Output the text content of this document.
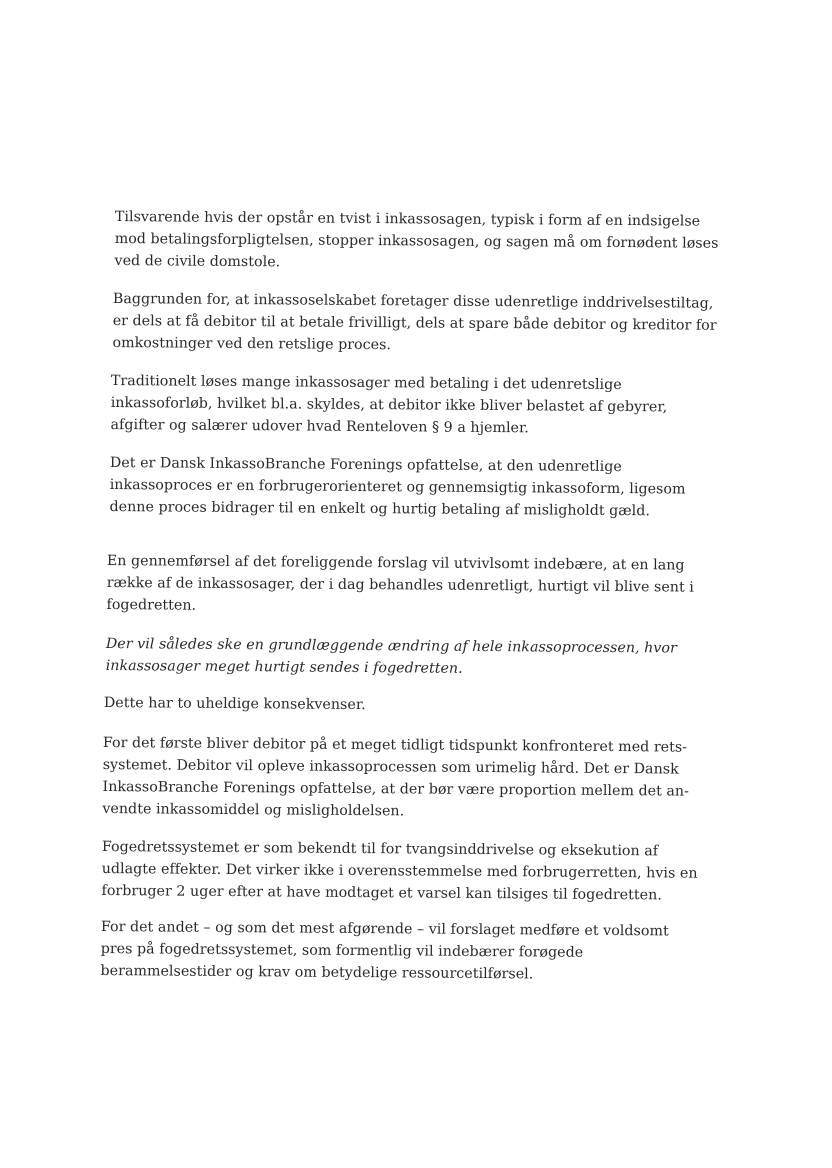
Tilsvarende hvis der opstår en tvist i inkassosagen, typisk i form af en indsigelse
mod betalingsforpligtelsen, stopper inkassosagen, og sagen må om fornødent løses
ved de civile domstole.
Baggrunden for, at inkassoselskabet foretager disse udenretlige inddrivelsestiltag,
er dels at få debitor til at betale frivilligt, dels at spare både debitor og kreditor for
omkostninger ved den retslige proces.
Traditionelt løses mange inkassosager med betaling i det udenretslige
inkassoforløb, hvilket bl.a. skyldes, at debitor ikke bliver belastet af gebyrer,
afgifter og salærer udover hvad Renteloven § 9 a hjemler.
Det er Dansk InkassoBranche Forenings opfattelse, at den udenretlige
inkassoproces er en forbrugerorienteret og gennemsigtig inkassoform, ligesom
denne proces bidrager til en enkelt og hurtig betaling af misligholdt gæld.
En gennemførsel af det foreliggende forslag vil utvivlsomt indebære, at en lang
række af de inkassosager, der i dag behandles udenretligt, hurtigt vil blive sent i
fogedretten.
Der vil således ske en grundlæggende ændring af hele inkassoprocessen, hvor
inkassosager meget hurtigt sendes i fogedretten.
Dette har to uheldige konsekvenser.
For det første bliver debitor på et meget tidligt tidspunkt konfronteret med rets-
systemet. Debitor vil opleve inkassoprocessen som urimelig hård. Det er Dansk
InkassoBranche Forenings opfattelse, at der bør være proportion mellem det an-
vendte inkassomiddel og misligholdelsen.
Fogedretssystemet er som bekendt til for tvangsinddrivelse og eksekution af
udlagte effekter. Det virker ikke i overensstemmelse med forbrugerretten, hvis en
forbruger 2 uger efter at have modtaget et varsel kan tilsiges til fogedretten.
For det andet – og som det mest afgørende – vil forslaget medføre et voldsomt
pres på fogedretssystemet, som formentlig vil indebærer forøgede
berammelsestider og krav om betydelige ressourcetilførsel.
